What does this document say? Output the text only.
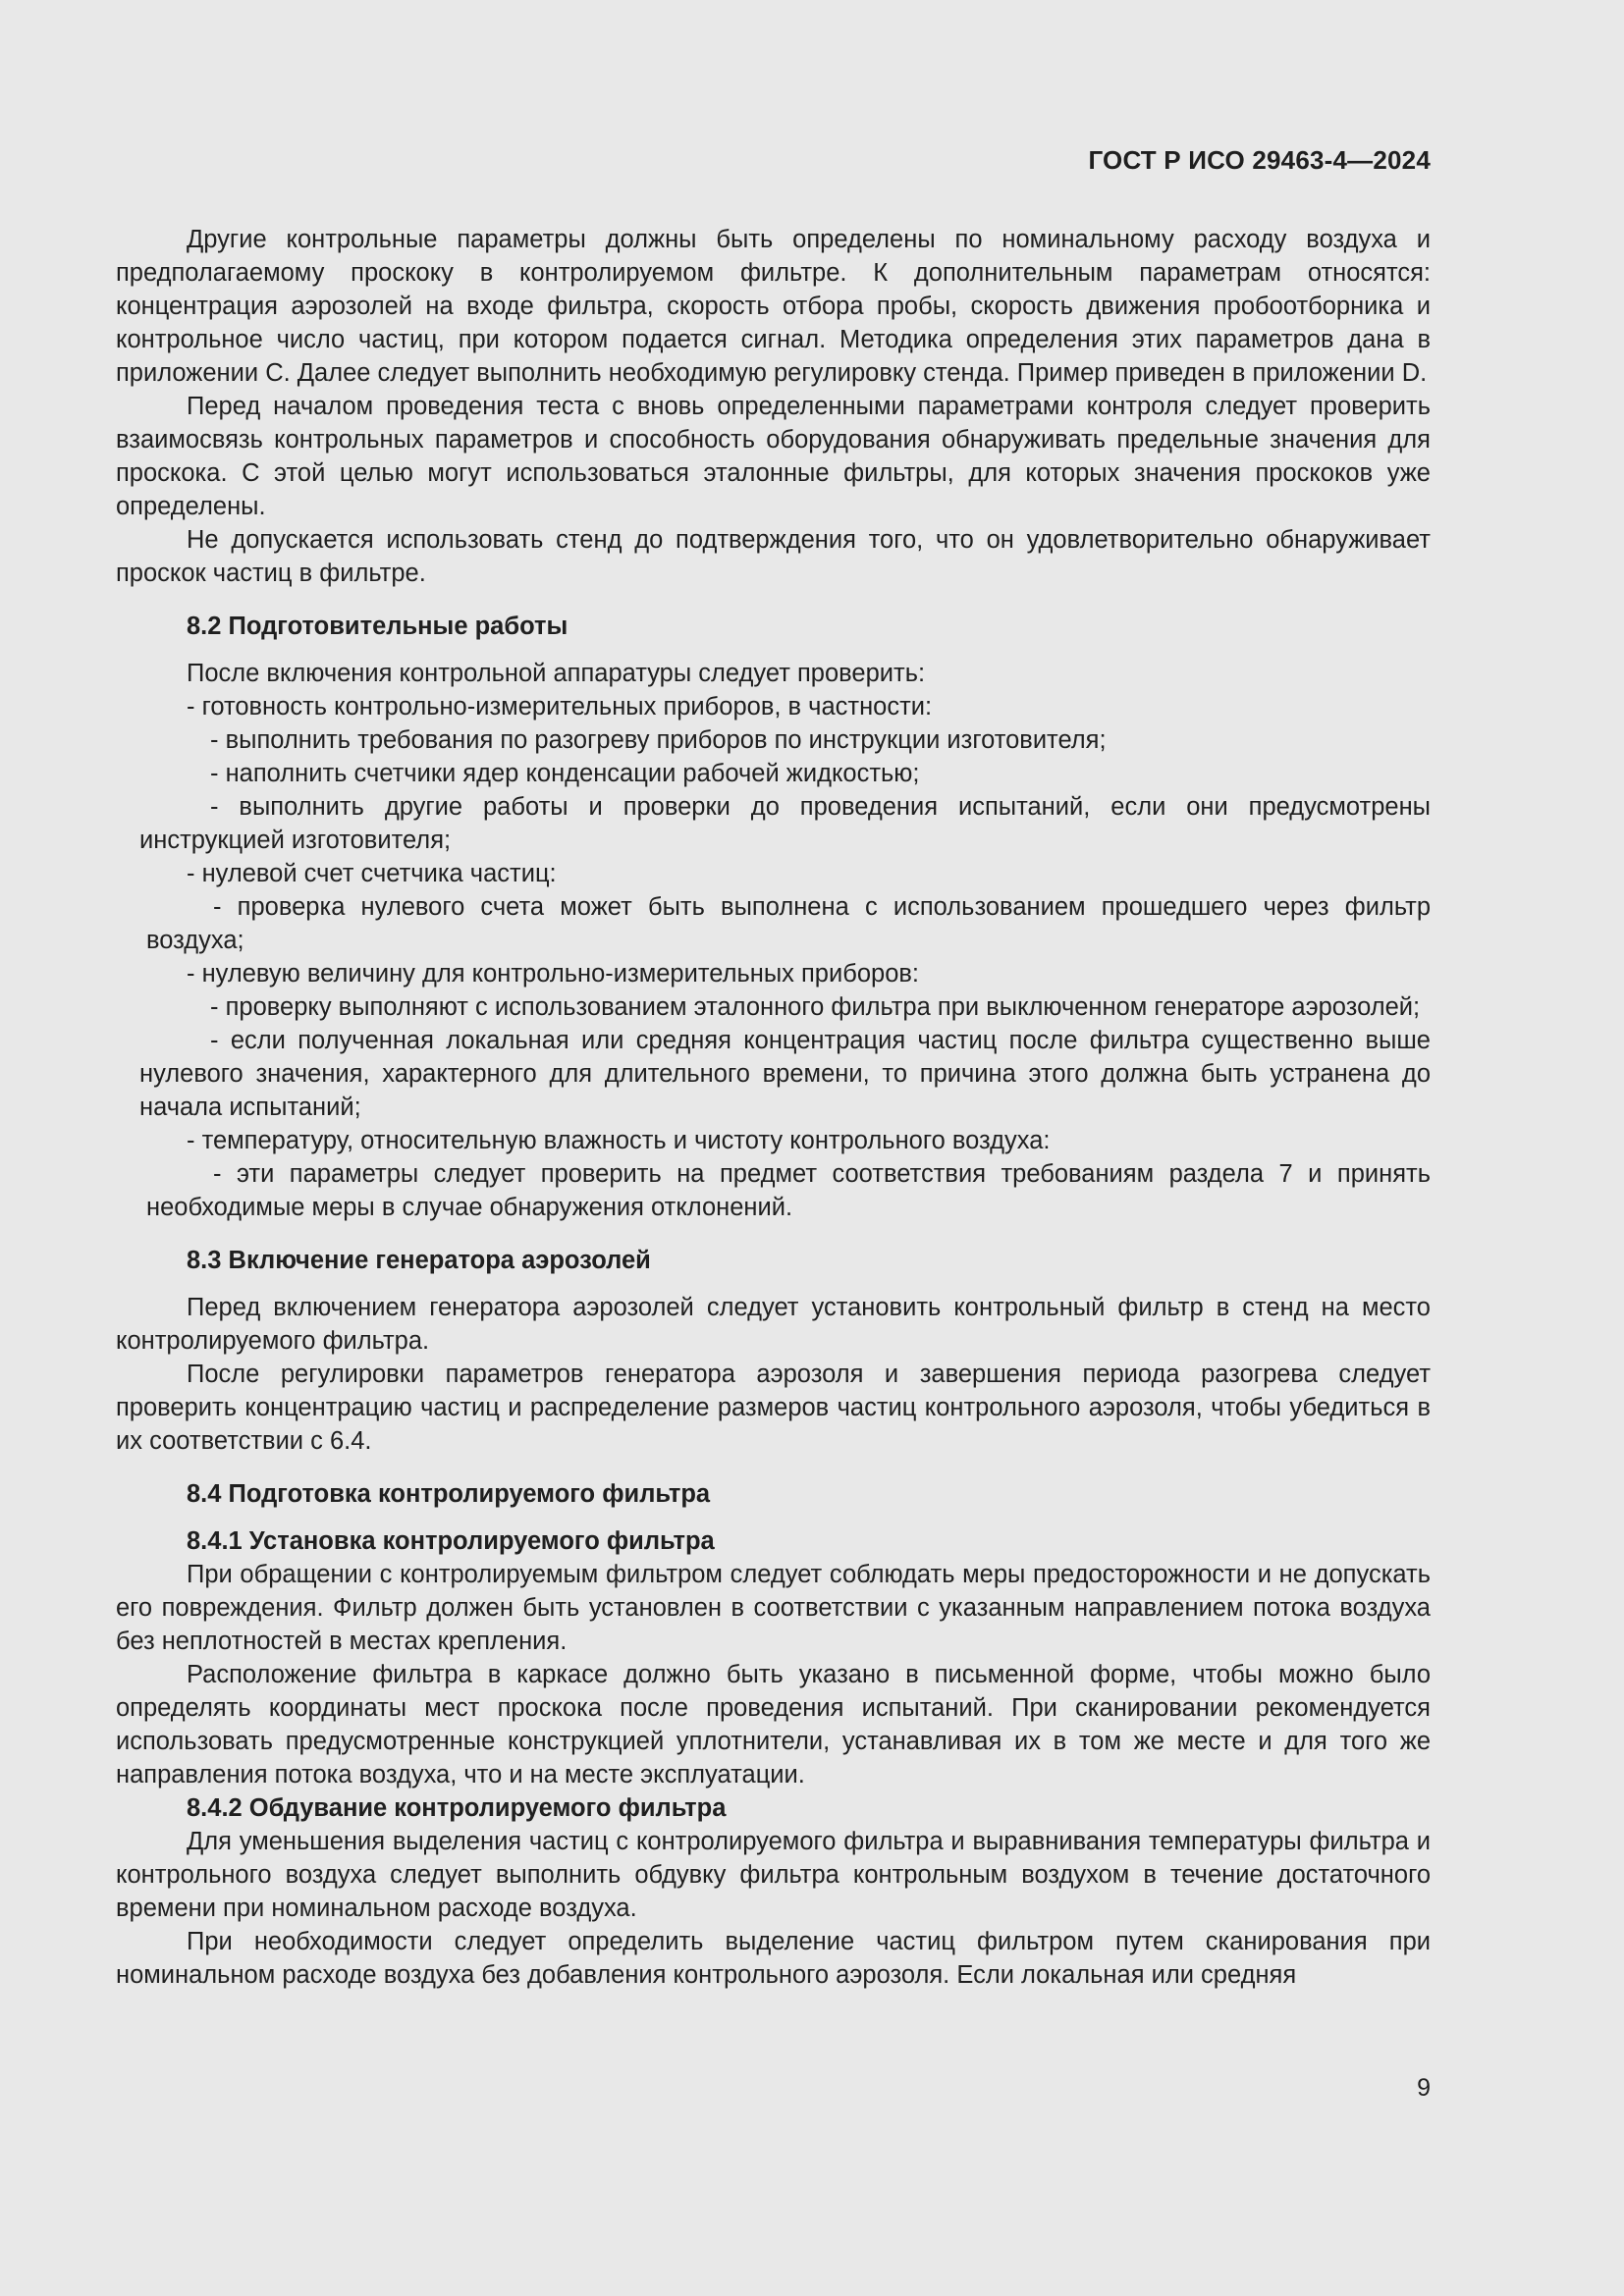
ГОСТ Р ИСО 29463-4—2024

Другие контрольные параметры должны быть определены по номинальному расходу воздуха и предполагаемому проскоку в контролируемом фильтре. К дополнительным параметрам относятся: концентрация аэрозолей на входе фильтра, скорость отбора пробы, скорость движения пробоотборника и контрольное число частиц, при котором подается сигнал. Методика определения этих параметров дана в приложении С. Далее следует выполнить необходимую регулировку стенда. Пример приведен в приложении D.

Перед началом проведения теста с вновь определенными параметрами контроля следует проверить взаимосвязь контрольных параметров и способность оборудования обнаруживать предельные значения для проскока. С этой целью могут использоваться эталонные фильтры, для которых значения проскоков уже определены.

Не допускается использовать стенд до подтверждения того, что он удовлетворительно обнаруживает проскок частиц в фильтре.

8.2 Подготовительные работы

После включения контрольной аппаратуры следует проверить:

- готовность контрольно-измерительных приборов, в частности:

- выполнить требования по разогреву приборов по инструкции изготовителя;

- наполнить счетчики ядер конденсации рабочей жидкостью;

- выполнить другие работы и проверки до проведения испытаний, если они предусмотрены инструкцией изготовителя;

- нулевой счет счетчика частиц:

- проверка нулевого счета может быть выполнена с использованием прошедшего через фильтр воздуха;

- нулевую величину для контрольно-измерительных приборов:

- проверку выполняют с использованием эталонного фильтра при выключенном генераторе аэрозолей;

- если полученная локальная или средняя концентрация частиц после фильтра существенно выше нулевого значения, характерного для длительного времени, то причина этого должна быть устранена до начала испытаний;

- температуру, относительную влажность и чистоту контрольного воздуха:

- эти параметры следует проверить на предмет соответствия требованиям раздела 7 и принять необходимые меры в случае обнаружения отклонений.

8.3 Включение генератора аэрозолей

Перед включением генератора аэрозолей следует установить контрольный фильтр в стенд на место контролируемого фильтра.

После регулировки параметров генератора аэрозоля и завершения периода разогрева следует проверить концентрацию частиц и распределение размеров частиц контрольного аэрозоля, чтобы убедиться в их соответствии с 6.4.

8.4 Подготовка контролируемого фильтра

8.4.1 Установка контролируемого фильтра

При обращении с контролируемым фильтром следует соблюдать меры предосторожности и не допускать его повреждения. Фильтр должен быть установлен в соответствии с указанным направлением потока воздуха без неплотностей в местах крепления.

Расположение фильтра в каркасе должно быть указано в письменной форме, чтобы можно было определять координаты мест проскока после проведения испытаний. При сканировании рекомендуется использовать предусмотренные конструкцией уплотнители, устанавливая их в том же месте и для того же направления потока воздуха, что и на месте эксплуатации.

8.4.2 Обдувание контролируемого фильтра

Для уменьшения выделения частиц с контролируемого фильтра и выравнивания температуры фильтра и контрольного воздуха следует выполнить обдувку фильтра контрольным воздухом в течение достаточного времени при номинальном расходе воздуха.

При необходимости следует определить выделение частиц фильтром путем сканирования при номинальном расходе воздуха без добавления контрольного аэрозоля. Если локальная или средняя

9
